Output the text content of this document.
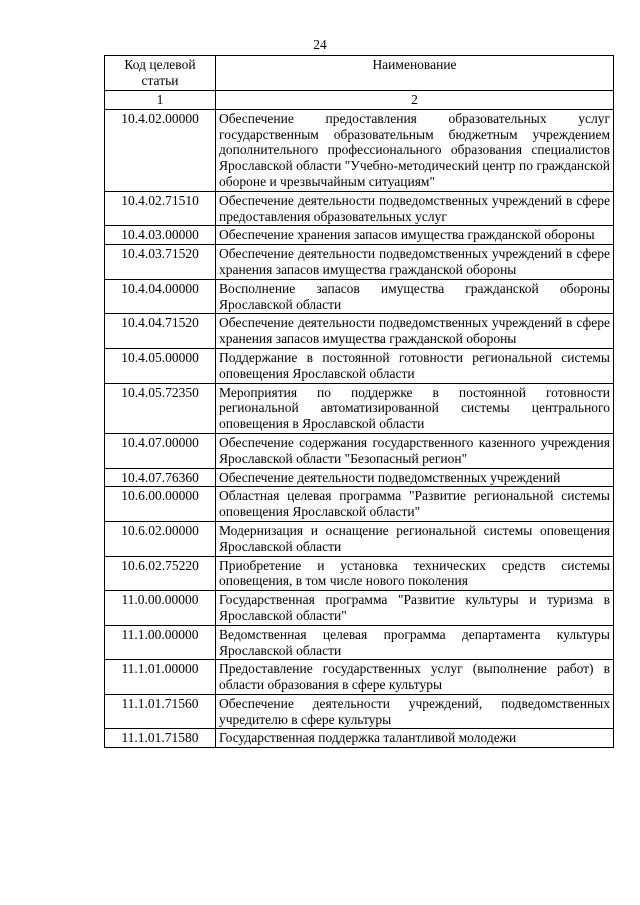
24
Код целевой статьи	Наименование
1	2
10.4.02.00000	Обеспечение предоставления образовательных услуг государственным образовательным бюджетным учреждением дополнительного профессионального образования специалистов Ярославской области "Учебно-методический центр по гражданской обороне и чрезвычайным ситуациям"
10.4.02.71510	Обеспечение деятельности подведомственных учреждений в сфере предоставления образовательных услуг
10.4.03.00000	Обеспечение хранения запасов имущества гражданской обороны
10.4.03.71520	Обеспечение деятельности подведомственных учреждений в сфере хранения запасов имущества гражданской обороны
10.4.04.00000	Восполнение запасов имущества гражданской обороны Ярославской области
10.4.04.71520	Обеспечение деятельности подведомственных учреждений в сфере хранения запасов имущества гражданской обороны
10.4.05.00000	Поддержание в постоянной готовности региональной системы оповещения Ярославской области
10.4.05.72350	Мероприятия по поддержке в постоянной готовности региональной автоматизированной системы центрального оповещения в Ярославской области
10.4.07.00000	Обеспечение содержания государственного казенного учреждения Ярославской области "Безопасный регион"
10.4.07.76360	Обеспечение деятельности подведомственных учреждений
10.6.00.00000	Областная целевая программа "Развитие региональной системы оповещения Ярославской области"
10.6.02.00000	Модернизация и оснащение региональной системы оповещения Ярославской области
10.6.02.75220	Приобретение и установка технических средств системы оповещения, в том числе нового поколения
11.0.00.00000	Государственная программа "Развитие культуры и туризма в Ярославской области"
11.1.00.00000	Ведомственная целевая программа департамента культуры Ярославской области
11.1.01.00000	Предоставление государственных услуг (выполнение работ) в области образования в сфере культуры
11.1.01.71560	Обеспечение деятельности учреждений, подведомственных учредителю в сфере культуры
11.1.01.71580	Государственная поддержка талантливой молодежи
